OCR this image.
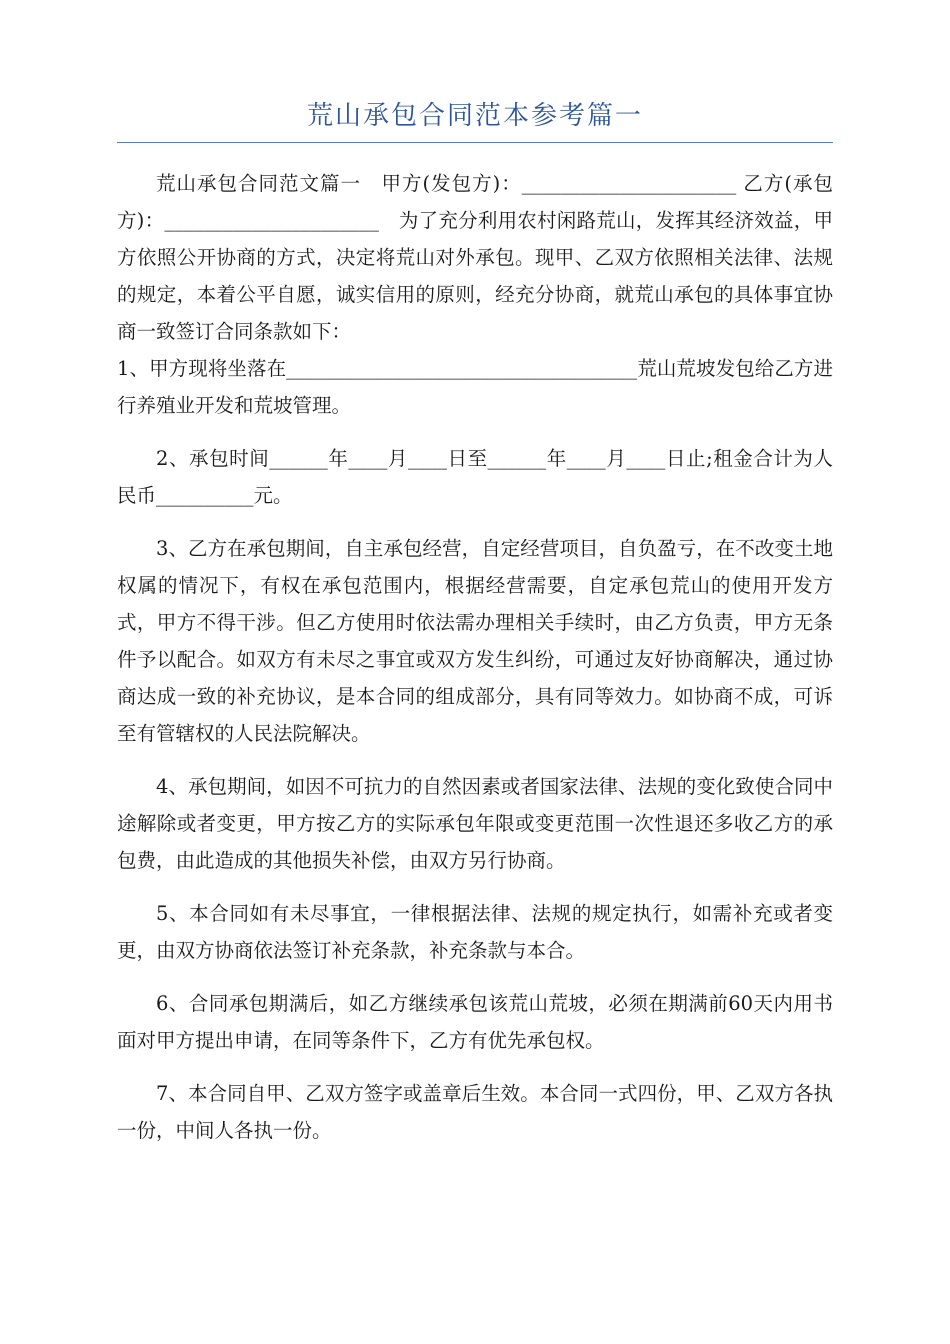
荒山承包合同范本参考篇一

荒山承包合同范文篇一　甲方(发包方)：______________________ 乙方(承包方)：______________________　为了充分利用农村闲路荒山，发挥其经济效益，甲方依照公开协商的方式，决定将荒山对外承包。现甲、乙双方依照相关法律、法规的规定，本着公平自愿，诚实信用的原则，经充分协商，就荒山承包的具体事宜协商一致签订合同条款如下：

1、甲方现将坐落在____________________________________荒山荒坡发包给乙方进行养殖业开发和荒坡管理。

2、承包时间______年____月____日至______年____月____日止;租金合计为人民币__________元。

3、乙方在承包期间，自主承包经营，自定经营项目，自负盈亏，在不改变土地权属的情况下，有权在承包范围内，根据经营需要，自定承包荒山的使用开发方式，甲方不得干涉。但乙方使用时依法需办理相关手续时，由乙方负责，甲方无条件予以配合。如双方有未尽之事宜或双方发生纠纷，可通过友好协商解决，通过协商达成一致的补充协议，是本合同的组成部分，具有同等效力。如协商不成，可诉至有管辖权的人民法院解决。

4、承包期间，如因不可抗力的自然因素或者国家法律、法规的变化致使合同中途解除或者变更，甲方按乙方的实际承包年限或变更范围一次性退还多收乙方的承包费，由此造成的其他损失补偿，由双方另行协商。

5、本合同如有未尽事宜，一律根据法律、法规的规定执行，如需补充或者变更，由双方协商依法签订补充条款，补充条款与本合。

6、合同承包期满后，如乙方继续承包该荒山荒坡，必须在期满前60天内用书面对甲方提出申请，在同等条件下，乙方有优先承包权。

7、本合同自甲、乙双方签字或盖章后生效。本合同一式四份，甲、乙双方各执一份，中间人各执一份。
